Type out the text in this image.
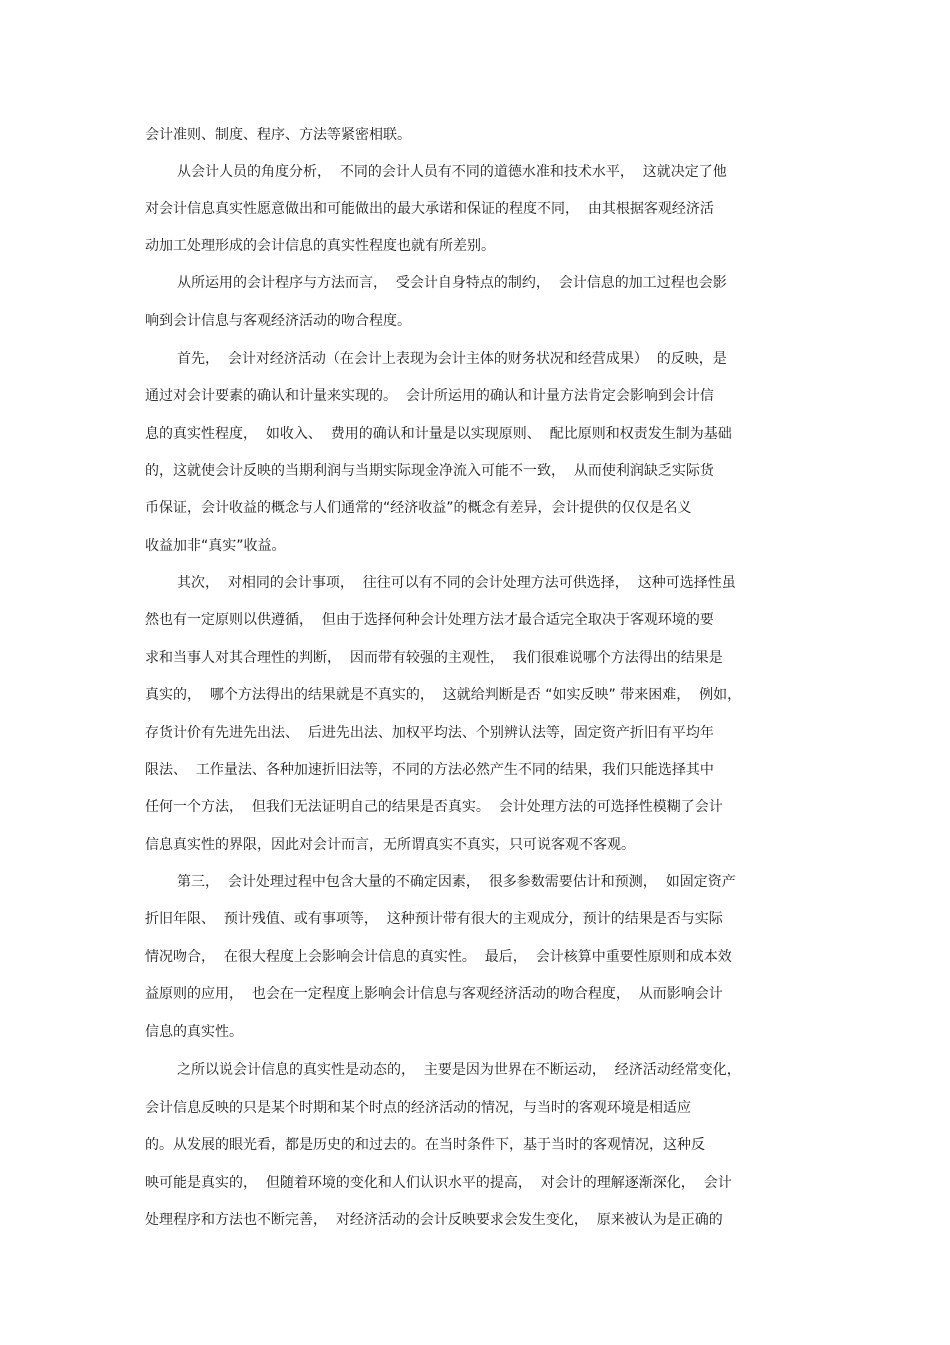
会计准则、制度、程序、方法等紧密相联。
从会计人员的角度分析，  不同的会计人员有不同的道德水准和技术水平，  这就决定了他
对会计信息真实性愿意做出和可能做出的最大承诺和保证的程度不同，  由其根据客观经济活
动加工处理形成的会计信息的真实性程度也就有所差别。
从所运用的会计程序与方法而言，  受会计自身特点的制约，  会计信息的加工过程也会影
响到会计信息与客观经济活动的吻合程度。
首先，  会计对经济活动（在会计上表现为会计主体的财务状况和经营成果）  的反映，是
通过对会计要素的确认和计量来实现的。  会计所运用的确认和计量方法肯定会影响到会计信
息的真实性程度，  如收入、  费用的确认和计量是以实现原则、  配比原则和权责发生制为基础
的，这就使会计反映的当期利润与当期实际现金净流入可能不一致，  从而使利润缺乏实际货
币保证，会计收益的概念与人们通常的“经济收益”的概念有差异，会计提供的仅仅是名义
收益加非“真实”收益。
其次，  对相同的会计事项，  往往可以有不同的会计处理方法可供选择，  这种可选择性虽
然也有一定原则以供遵循，  但由于选择何种会计处理方法才最合适完全取决于客观环境的要
求和当事人对其合理性的判断，  因而带有较强的主观性，  我们很难说哪个方法得出的结果是
真实的，  哪个方法得出的结果就是不真实的，  这就给判断是否 “如实反映” 带来困难，  例如，
存货计价有先进先出法、  后进先出法、加权平均法、个别辨认法等，固定资产折旧有平均年
限法、  工作量法、各种加速折旧法等，不同的方法必然产生不同的结果，我们只能选择其中
任何一个方法，  但我们无法证明自己的结果是否真实。  会计处理方法的可选择性模糊了会计
信息真实性的界限，因此对会计而言，无所谓真实不真实，只可说客观不客观。
第三，  会计处理过程中包含大量的不确定因素，  很多参数需要估计和预测，  如固定资产
折旧年限、  预计残值、或有事项等，  这种预计带有很大的主观成分，预计的结果是否与实际
情况吻合，  在很大程度上会影响会计信息的真实性。  最后，  会计核算中重要性原则和成本效
益原则的应用，  也会在一定程度上影响会计信息与客观经济活动的吻合程度，  从而影响会计
信息的真实性。
之所以说会计信息的真实性是动态的，  主要是因为世界在不断运动，  经济活动经常变化，
会计信息反映的只是某个时期和某个时点的经济活动的情况，与当时的客观环境是相适应
的。从发展的眼光看，都是历史的和过去的。在当时条件下，基于当时的客观情况，这种反
映可能是真实的，  但随着环境的变化和人们认识水平的提高，  对会计的理解逐渐深化，  会计
处理程序和方法也不断完善，  对经济活动的会计反映要求会发生变化，  原来被认为是正确的
